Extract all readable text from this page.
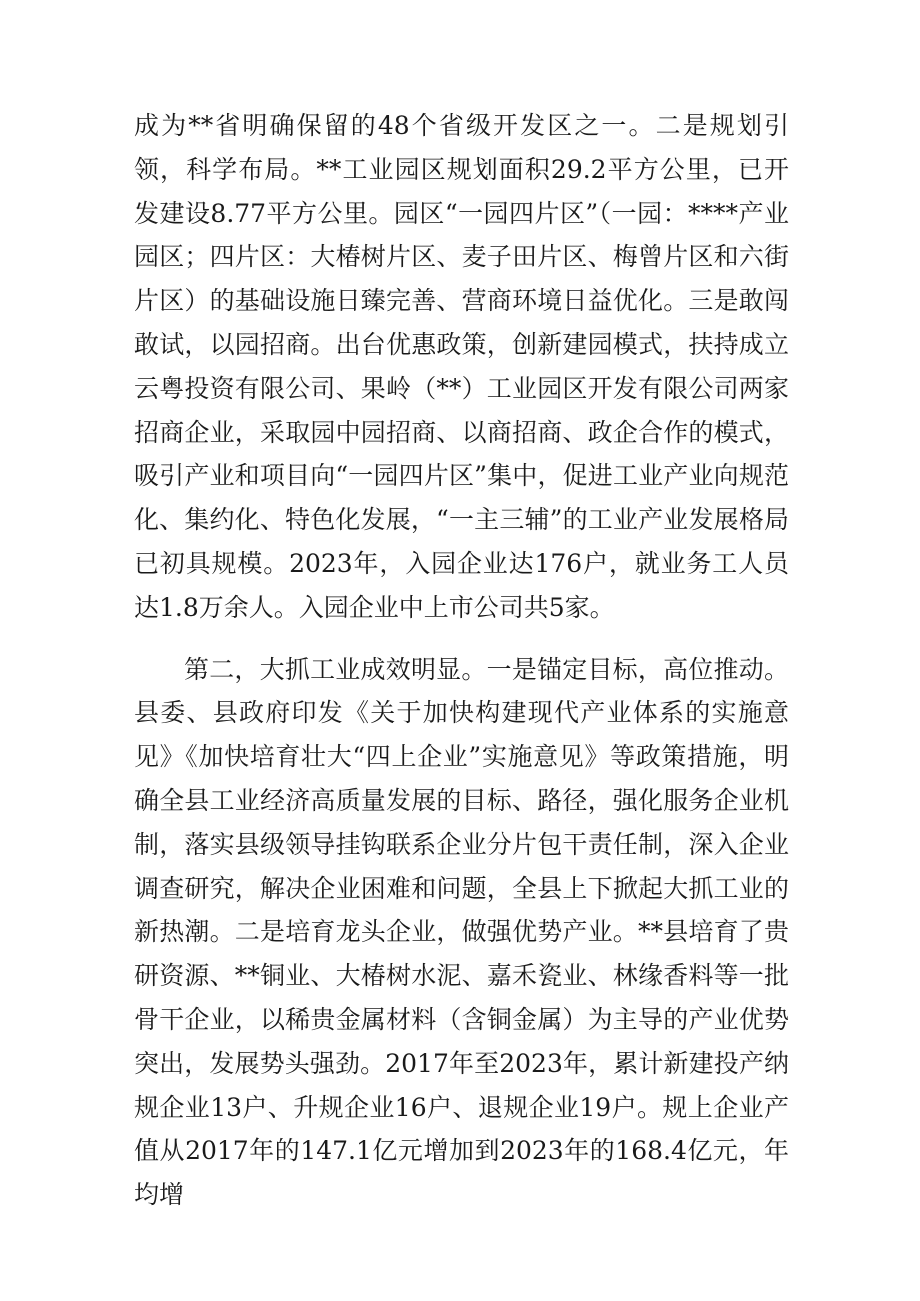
成为**省明确保留的48个省级开发区之一。二是规划引领，科学布局。**工业园区规划面积29.2平方公里，已开发建设8.77平方公里。园区“一园四片区”（一园：****产业园区；四片区：大椿树片区、麦子田片区、梅曾片区和六街片区）的基础设施日臻完善、营商环境日益优化。三是敢闯敢试，以园招商。出台优惠政策，创新建园模式，扶持成立云粤投资有限公司、果岭（**）工业园区开发有限公司两家招商企业，采取园中园招商、以商招商、政企合作的模式，吸引产业和项目向“一园四片区”集中，促进工业产业向规范化、集约化、特色化发展，“一主三辅”的工业产业发展格局已初具规模。2023年，入园企业达176户，就业务工人员达1.8万余人。入园企业中上市公司共5家。

第二，大抓工业成效明显。一是锚定目标，高位推动。县委、县政府印发《关于加快构建现代产业体系的实施意见》《加快培育壮大“四上企业”实施意见》等政策措施，明确全县工业经济高质量发展的目标、路径，强化服务企业机制，落实县级领导挂钩联系企业分片包干责任制，深入企业调查研究，解决企业困难和问题，全县上下掀起大抓工业的新热潮。二是培育龙头企业，做强优势产业。**县培育了贵研资源、**铜业、大椿树水泥、嘉禾瓷业、林缘香料等一批骨干企业，以稀贵金属材料（含铜金属）为主导的产业优势突出，发展势头强劲。2017年至2023年，累计新建投产纳规企业13户、升规企业16户、退规企业19户。规上企业产值从2017年的147.1亿元增加到2023年的168.4亿元，年均增
